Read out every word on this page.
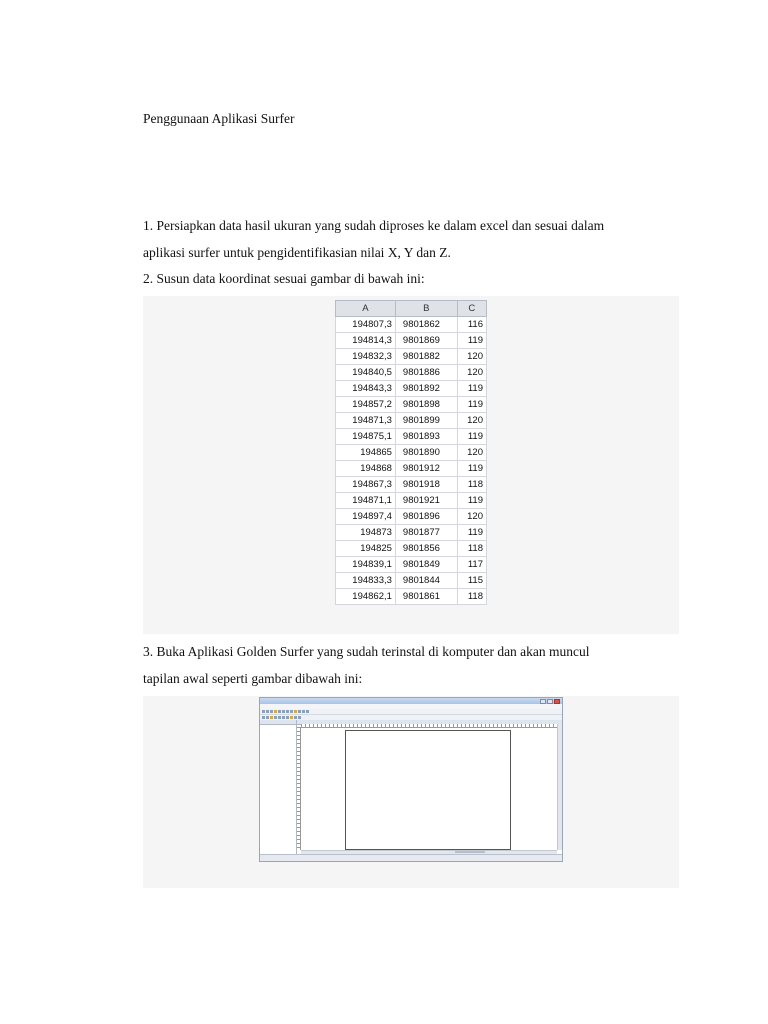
Penggunaan Aplikasi Surfer
1. Persiapkan data hasil ukuran yang sudah diproses ke dalam excel dan sesuai dalam
aplikasi surfer untuk pengidentifikasian nilai X, Y dan Z.
2. Susun data koordinat sesuai gambar di bawah ini:
A	B	C
194807,3	9801862	116
194814,3	9801869	119
194832,3	9801882	120
194840,5	9801886	120
194843,3	9801892	119
194857,2	9801898	119
194871,3	9801899	120
194875,1	9801893	119
194865	9801890	120
194868	9801912	119
194867,3	9801918	118
194871,1	9801921	119
194897,4	9801896	120
194873	9801877	119
194825	9801856	118
194839,1	9801849	117
194833,3	9801844	115
194862,1	9801861	118
3. Buka Aplikasi Golden Surfer yang sudah terinstal di komputer dan akan muncul
tapilan awal seperti gambar dibawah ini:
